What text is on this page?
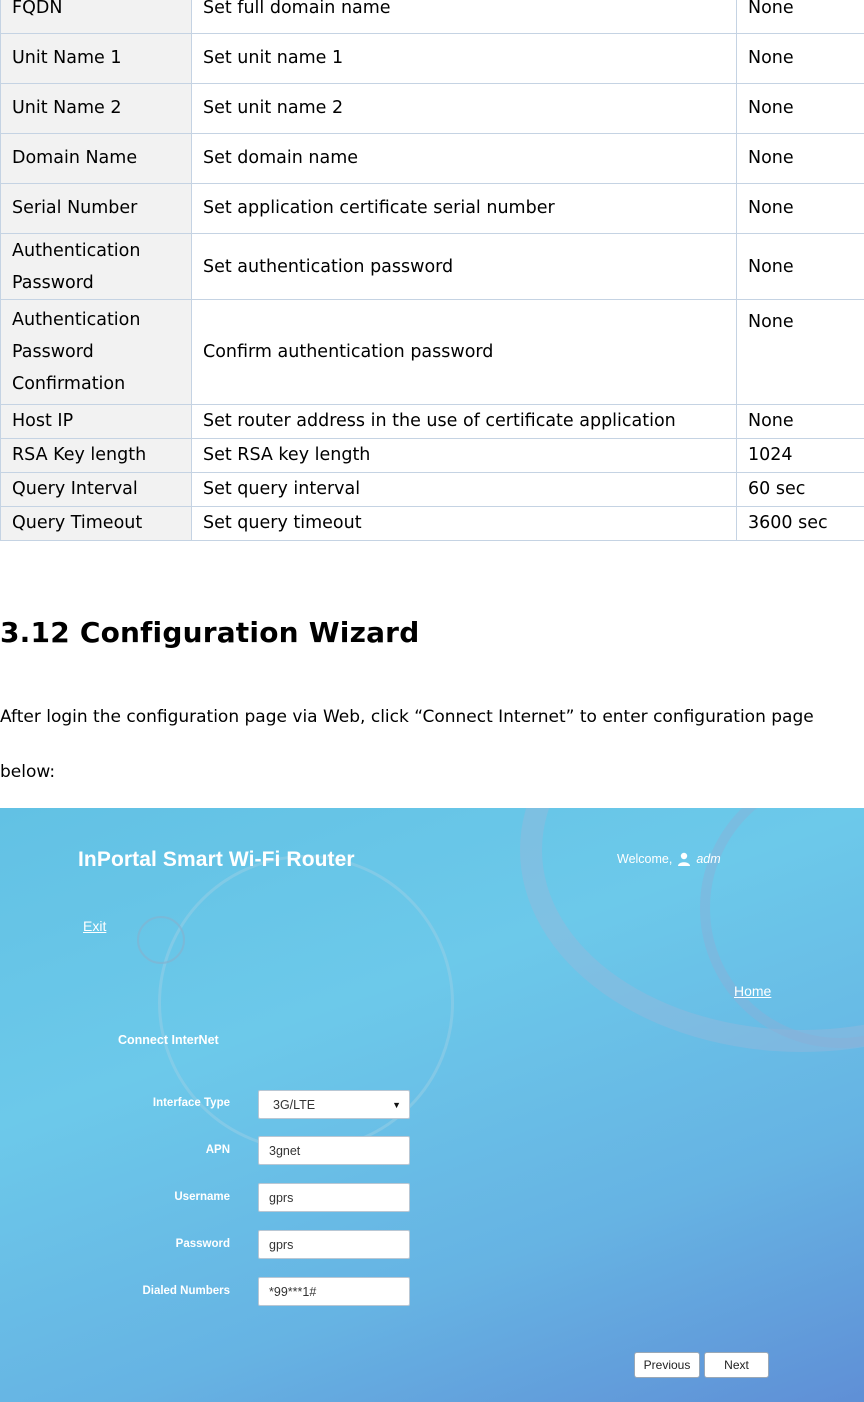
FQDN	Set full domain name	None
Unit Name 1	Set unit name 1	None
Unit Name 2	Set unit name 2	None
Domain Name	Set domain name	None
Serial Number	Set application certificate serial number	None
Authentication Password	Set authentication password	None
Authentication Password Confirmation	Confirm authentication password	None
Host IP	Set router address in the use of certificate application	None
RSA Key length	Set RSA key length	1024
Query Interval	Set query interval	60 sec
Query Timeout	Set query timeout	3600 sec
3.12 Configuration Wizard

After login the configuration page via Web, click “Connect Internet” to enter configuration page

below:

InPortal Smart Wi-Fi Router	Welcome, adm
Exit
Home
Connect InterNet
Interface Type	3G/LTE	▼
APN	3gnet
Username	gprs
Password	gprs
Dialed Numbers	*99***1#
Previous	Next
